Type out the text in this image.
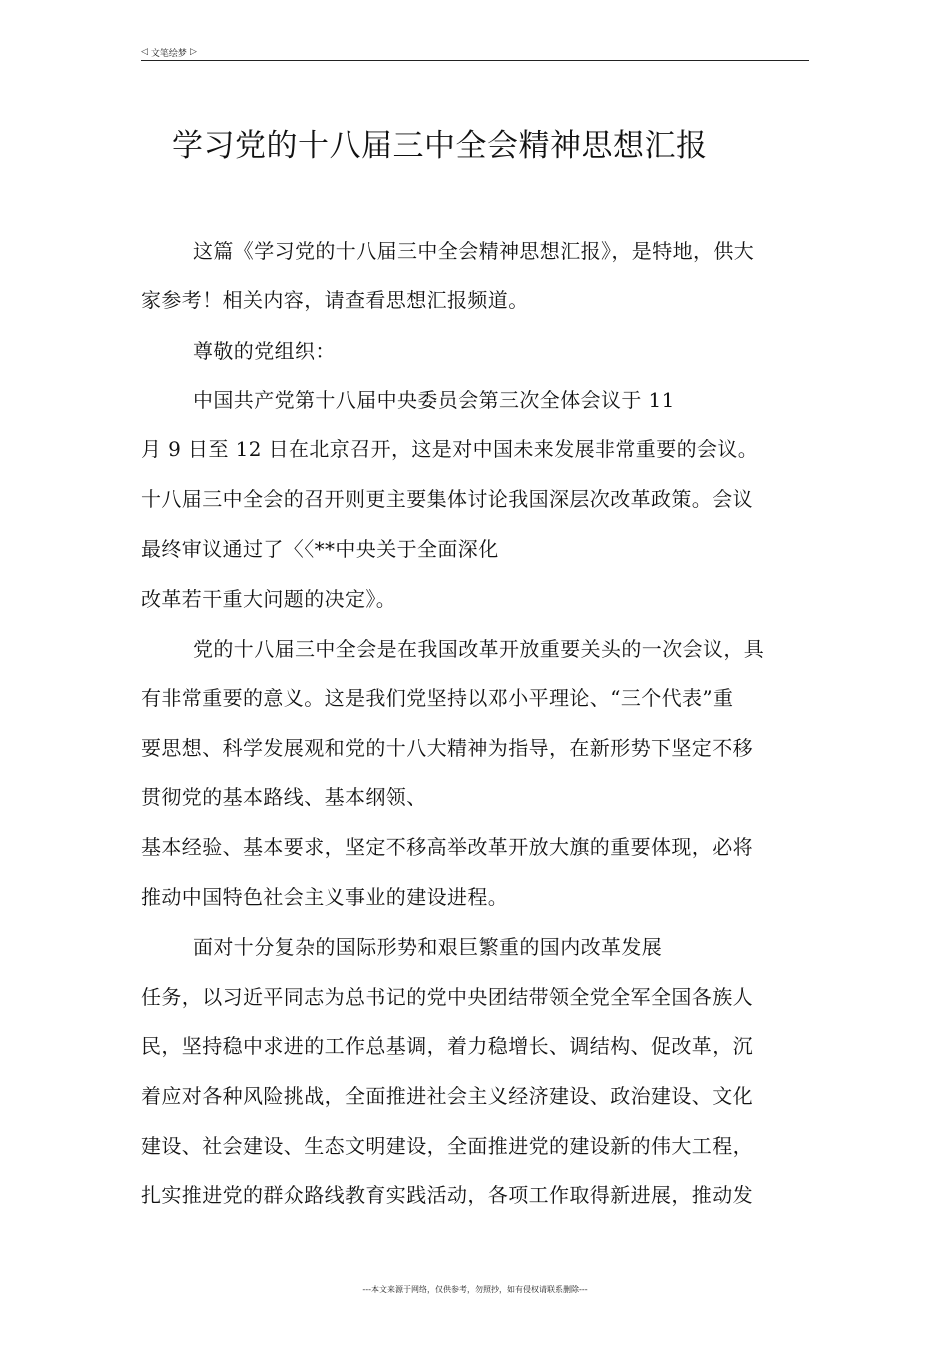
◁ 文笔绘梦 ▷
学习党的十八届三中全会精神思想汇报
这篇《学习党的十八届三中全会精神思想汇报》，是特地，供大
家参考！相关内容，请查看思想汇报频道。
尊敬的党组织：
中国共产党第十八届中央委员会第三次全体会议于 11
月 9 日至 12 日在北京召开，这是对中国未来发展非常重要的会议。
十八届三中全会的召开则更主要集体讨论我国深层次改革政策。会议
最终审议通过了〈〈**中央关于全面深化
改革若干重大问题的决定》。
党的十八届三中全会是在我国改革开放重要关头的一次会议，具
有非常重要的意义。这是我们党坚持以邓小平理论、“三个代表”重
要思想、科学发展观和党的十八大精神为指导，在新形势下坚定不移
贯彻党的基本路线、基本纲领、
基本经验、基本要求，坚定不移高举改革开放大旗的重要体现，必将
推动中国特色社会主义事业的建设进程。
面对十分复杂的国际形势和艰巨繁重的国内改革发展
任务，以习近平同志为总书记的党中央团结带领全党全军全国各族人
民，坚持稳中求进的工作总基调，着力稳增长、调结构、促改革，沉
着应对各种风险挑战，全面推进社会主义经济建设、政治建设、文化
建设、社会建设、生态文明建设，全面推进党的建设新的伟大工程，
扎实推进党的群众路线教育实践活动，各项工作取得新进展，推动发
---本文来源于网络，仅供参考，勿照抄，如有侵权请联系删除---
